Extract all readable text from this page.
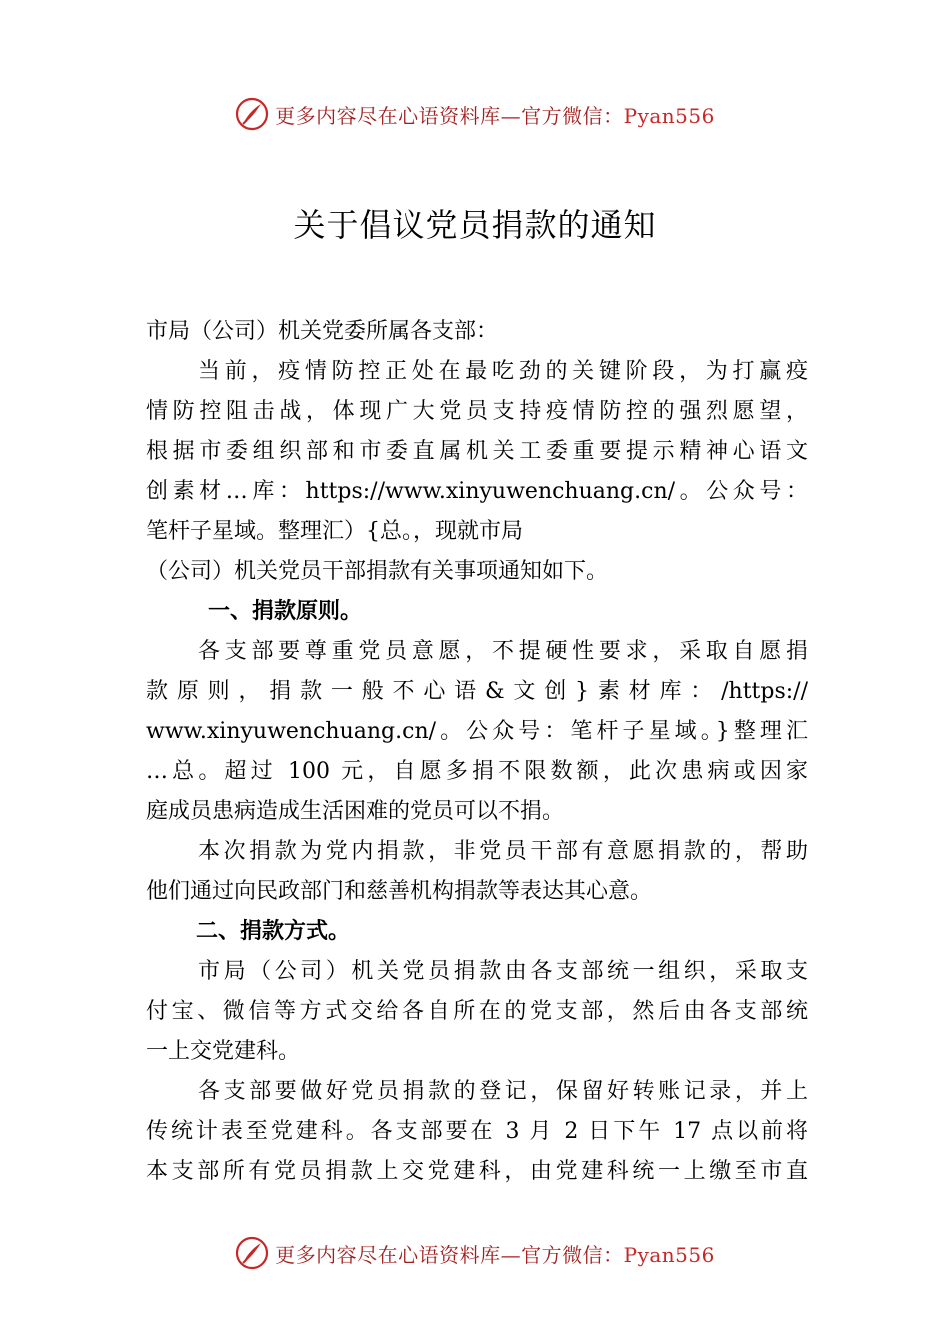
更多内容尽在心语资料库—官方微信：Pyan556
关于倡议党员捐款的通知
市局（公司）机关党委所属各支部：
当前，疫情防控正处在最吃劲的关键阶段，为打赢疫
情防控阻击战，体现广大党员支持疫情防控的强烈愿望，
根据市委组织部和市委直属机关工委重要提示精神心语文
创素材…库：https://www.xinyuwenchuang.cn/。公众号：
笔杆子星域。整理汇）{总。，现就市局
（公司）机关党员干部捐款有关事项通知如下。
一、捐款原则。
各支部要尊重党员意愿，不提硬性要求，采取自愿捐
款原则，捐款一般不心语&文创}素材库：/https://
www.xinyuwenchuang.cn/。公众号：笔杆子星域。}整理汇
…总。超过 100 元，自愿多捐不限数额，此次患病或因家
庭成员患病造成生活困难的党员可以不捐。
本次捐款为党内捐款，非党员干部有意愿捐款的，帮助
他们通过向民政部门和慈善机构捐款等表达其心意。
二、捐款方式。
市局（公司）机关党员捐款由各支部统一组织，采取支
付宝、微信等方式交给各自所在的党支部，然后由各支部统
一上交党建科。
各支部要做好党员捐款的登记，保留好转账记录，并上
传统计表至党建科。各支部要在 3 月 2 日下午 17 点以前将
本支部所有党员捐款上交党建科，由党建科统一上缴至市直
更多内容尽在心语资料库—官方微信：Pyan556
